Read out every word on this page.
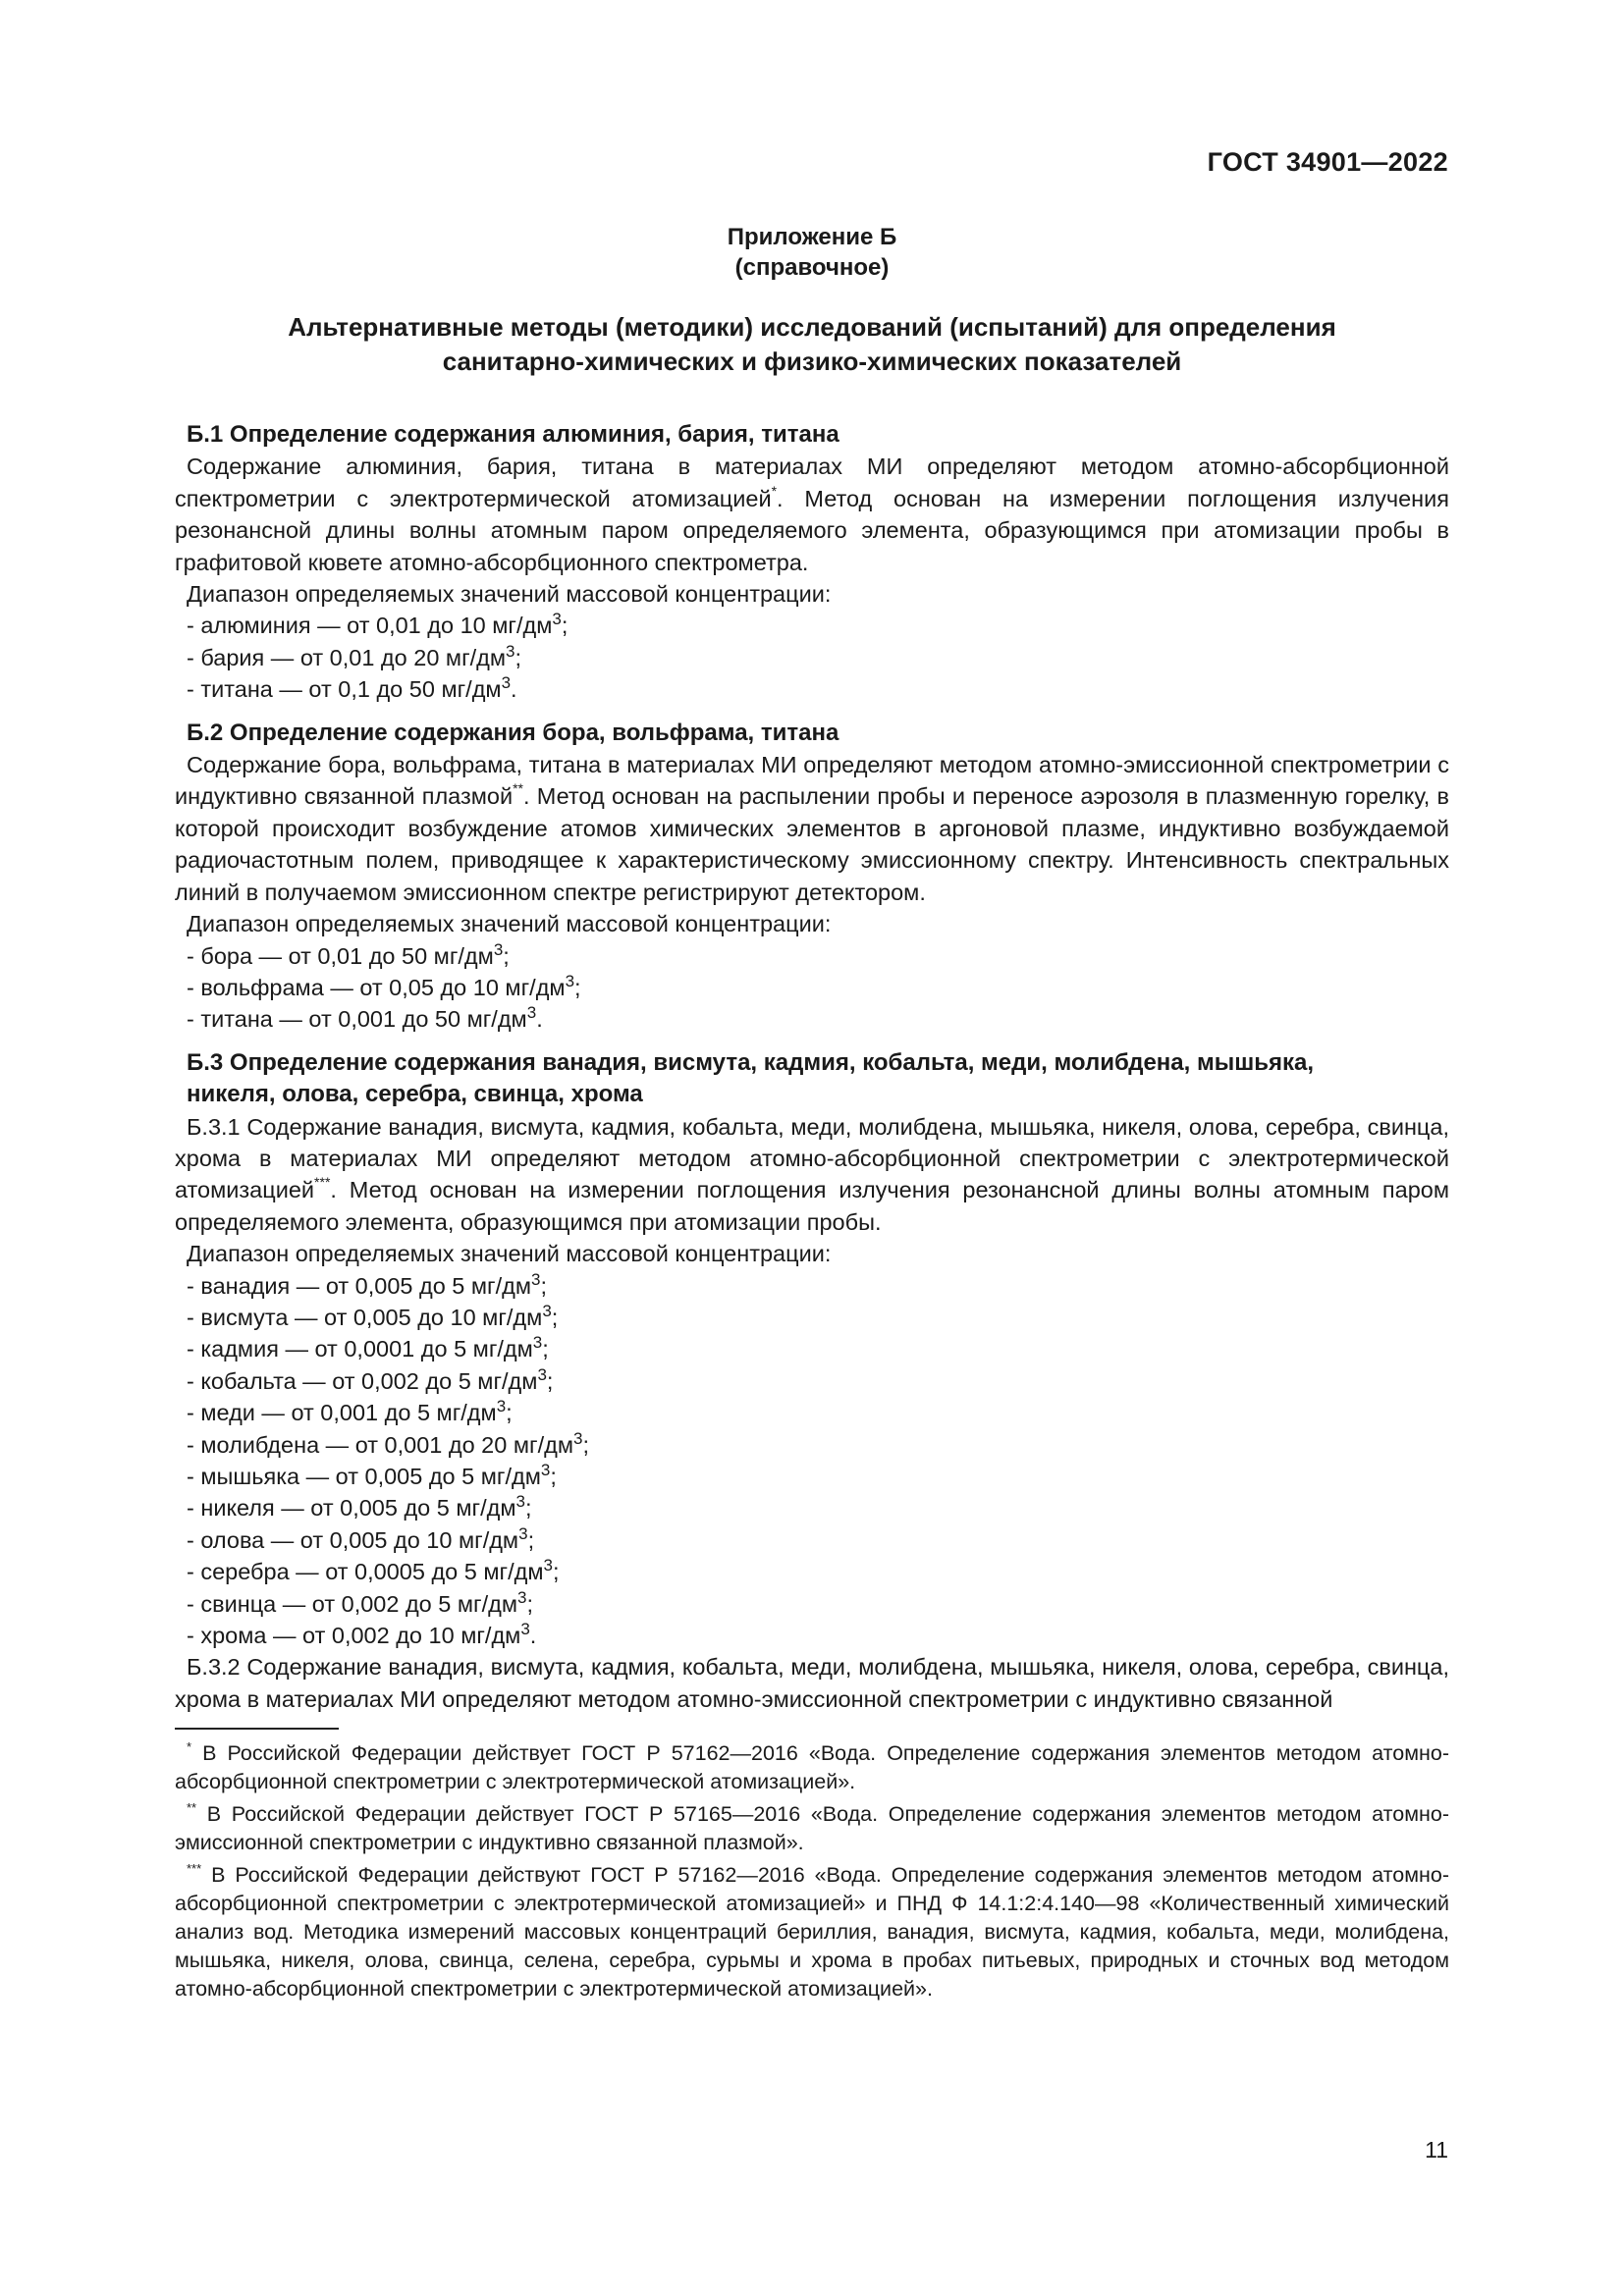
ГОСТ 34901—2022
Приложение Б
(справочное)
Альтернативные методы (методики) исследований (испытаний) для определения
санитарно-химических и физико-химических показателей
Б.1 Определение содержания алюминия, бария, титана
Содержание алюминия, бария, титана в материалах МИ определяют методом атомно-абсорбционной спектрометрии с электротермической атомизацией*. Метод основан на измерении поглощения излучения резонансной длины волны атомным паром определяемого элемента, образующимся при атомизации пробы в графитовой кювете атомно-абсорбционного спектрометра.
Диапазон определяемых значений массовой концентрации:
- алюминия — от 0,01 до 10 $мг/дм^3$;
- бария — от 0,01 до 20 $мг/дм^3$;
- титана — от 0,1 до 50 $мг/дм^3$.
Б.2 Определение содержания бора, вольфрама, титана
Содержание бора, вольфрама, титана в материалах МИ определяют методом атомно-эмиссионной спектрометрии с индуктивно связанной плазмой**. Метод основан на распылении пробы и переносе аэрозоля в плазменную горелку, в которой происходит возбуждение атомов химических элементов в аргоновой плазме, индуктивно возбуждаемой радиочастотным полем, приводящее к характеристическому эмиссионному спектру. Интенсивность спектральных линий в получаемом эмиссионном спектре регистрируют детектором.
Диапазон определяемых значений массовой концентрации:
- бора — от 0,01 до 50 $мг/дм^3$;
- вольфрама — от 0,05 до 10 $мг/дм^3$;
- титана — от 0,001 до 50 $мг/дм^3$.
Б.3 Определение содержания ванадия, висмута, кадмия, кобальта, меди, молибдена, мышьяка,
никеля, олова, серебра, свинца, хрома
Б.3.1 Содержание ванадия, висмута, кадмия, кобальта, меди, молибдена, мышьяка, никеля, олова, серебра, свинца, хрома в материалах МИ определяют методом атомно-абсорбционной спектрометрии с электротермической атомизацией***. Метод основан на измерении поглощения излучения резонансной длины волны атомным паром определяемого элемента, образующимся при атомизации пробы.
Диапазон определяемых значений массовой концентрации:
- ванадия — от 0,005 до 5 $мг/дм^3$;
- висмута — от 0,005 до 10 $мг/дм^3$;
- кадмия — от 0,0001 до 5 $мг/дм^3$;
- кобальта — от 0,002 до 5 $мг/дм^3$;
- меди — от 0,001 до 5 $мг/дм^3$;
- молибдена — от 0,001 до 20 $мг/дм^3$;
- мышьяка — от 0,005 до 5 $мг/дм^3$;
- никеля — от 0,005 до 5 $мг/дм^3$;
- олова — от 0,005 до 10 $мг/дм^3$;
- серебра — от 0,0005 до 5 $мг/дм^3$;
- свинца — от 0,002 до 5 $мг/дм^3$;
- хрома — от 0,002 до 10 $мг/дм^3$.
Б.3.2 Содержание ванадия, висмута, кадмия, кобальта, меди, молибдена, мышьяка, никеля, олова, серебра, свинца, хрома в материалах МИ определяют методом атомно-эмиссионной спектрометрии с индуктивно связанной
* В Российской Федерации действует ГОСТ Р 57162—2016 «Вода. Определение содержания элементов методом атомно-абсорбционной спектрометрии с электротермической атомизацией».
** В Российской Федерации действует ГОСТ Р 57165—2016 «Вода. Определение содержания элементов методом атомно-эмиссионной спектрометрии с индуктивно связанной плазмой».
*** В Российской Федерации действуют ГОСТ Р 57162—2016 «Вода. Определение содержания элементов методом атомно-абсорбционной спектрометрии с электротермической атомизацией» и ПНД Ф 14.1:2:4.140—98 «Количественный химический анализ вод. Методика измерений массовых концентраций бериллия, ванадия, висмута, кадмия, кобальта, меди, молибдена, мышьяка, никеля, олова, свинца, селена, серебра, сурьмы и хрома в пробах питьевых, природных и сточных вод методом атомно-абсорбционной спектрометрии с электротермической атомизацией».
11
